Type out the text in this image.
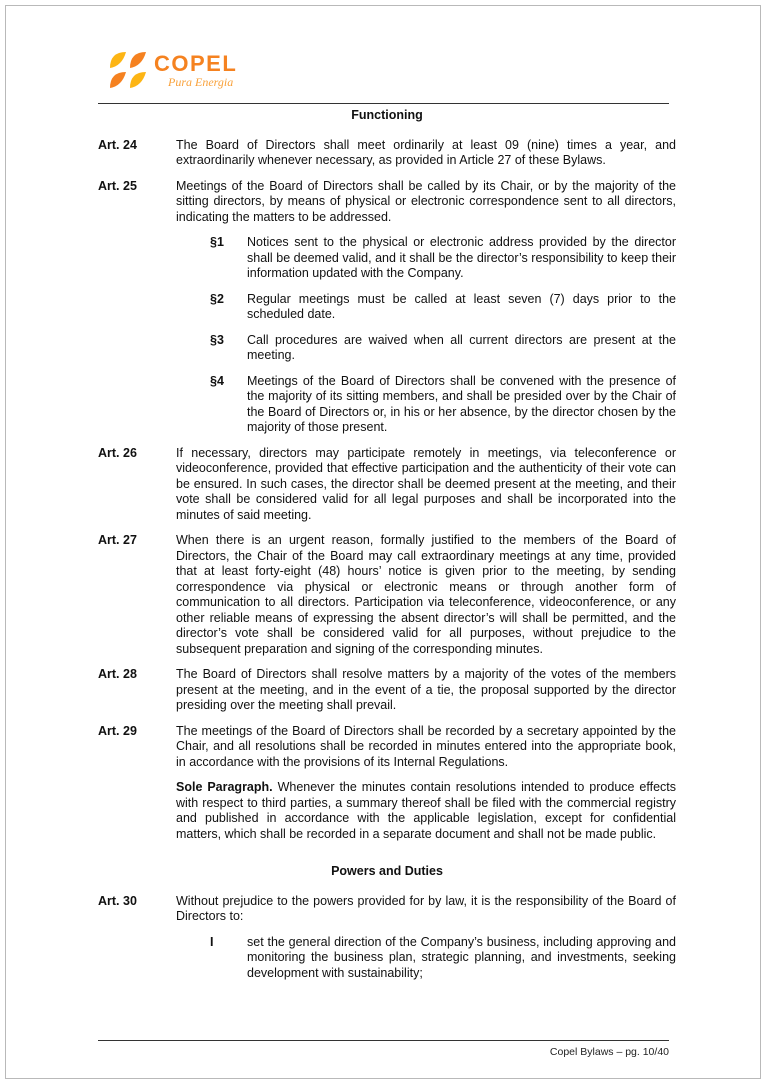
COPEL
Pura Energia
Functioning
Art. 24	The Board of Directors shall meet ordinarily at least 09 (nine) times a year, and extraordinarily whenever necessary, as provided in Article 27 of these Bylaws.
Art. 25	Meetings of the Board of Directors shall be called by its Chair, or by the majority of the sitting directors, by means of physical or electronic correspondence sent to all directors, indicating the matters to be addressed.
§1	Notices sent to the physical or electronic address provided by the director shall be deemed valid, and it shall be the director’s responsibility to keep their information updated with the Company.
§2	Regular meetings must be called at least seven (7) days prior to the scheduled date.
§3	Call procedures are waived when all current directors are present at the meeting.
§4	Meetings of the Board of Directors shall be convened with the presence of the majority of its sitting members, and shall be presided over by the Chair of the Board of Directors or, in his or her absence, by the director chosen by the majority of those present.
Art. 26	If necessary, directors may participate remotely in meetings, via teleconference or videoconference, provided that effective participation and the authenticity of their vote can be ensured. In such cases, the director shall be deemed present at the meeting, and their vote shall be considered valid for all legal purposes and shall be incorporated into the minutes of said meeting.
Art. 27	When there is an urgent reason, formally justified to the members of the Board of Directors, the Chair of the Board may call extraordinary meetings at any time, provided that at least forty-eight (48) hours’ notice is given prior to the meeting, by sending correspondence via physical or electronic means or through another form of communication to all directors. Participation via teleconference, videoconference, or any other reliable means of expressing the absent director’s will shall be permitted, and the director’s vote shall be considered valid for all purposes, without prejudice to the subsequent preparation and signing of the corresponding minutes.
Art. 28	The Board of Directors shall resolve matters by a majority of the votes of the members present at the meeting, and in the event of a tie, the proposal supported by the director presiding over the meeting shall prevail.
Art. 29	The meetings of the Board of Directors shall be recorded by a secretary appointed by the Chair, and all resolutions shall be recorded in minutes entered into the appropriate book, in accordance with the provisions of its Internal Regulations.
Sole Paragraph. Whenever the minutes contain resolutions intended to produce effects with respect to third parties, a summary thereof shall be filed with the commercial registry and published in accordance with the applicable legislation, except for confidential matters, which shall be recorded in a separate document and shall not be made public.
Powers and Duties
Art. 30	Without prejudice to the powers provided for by law, it is the responsibility of the Board of Directors to:
I	set the general direction of the Company’s business, including approving and monitoring the business plan, strategic planning, and investments, seeking development with sustainability;
Copel Bylaws – pg. 10/40
